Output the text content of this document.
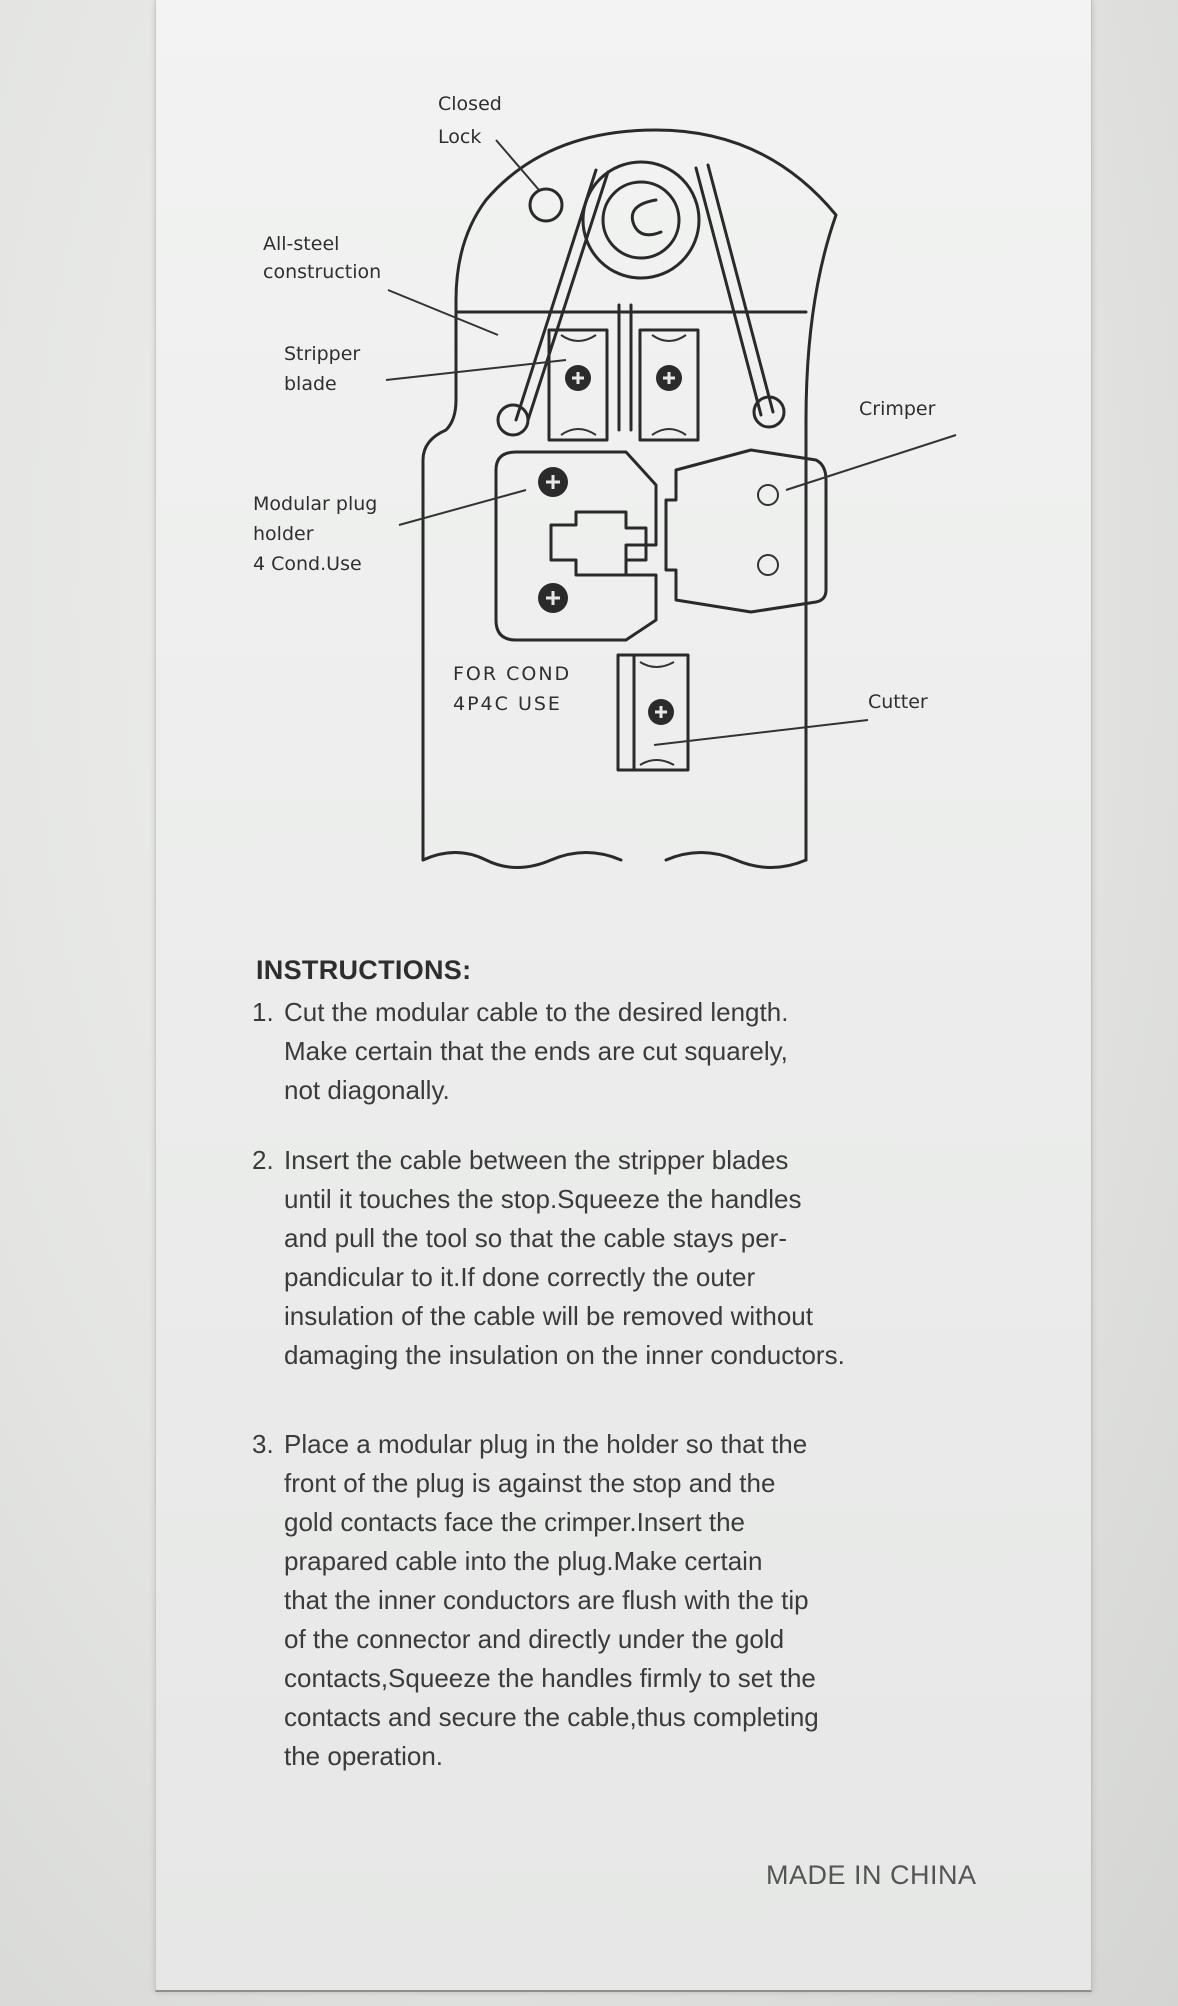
Closed
Lock
All-steel
construction
Stripper
blade
Modular plug
holder
4 Cond.Use
Crimper
FOR COND
4P4C USE	Cutter
INSTRUCTIONS:
1. Cut the modular cable to the desired length.
Make certain that the ends are cut squarely,
not diagonally.
2. Insert the cable between the stripper blades
until it touches the stop.Squeeze the handles
and pull the tool so that the cable stays per-
pandicular to it.If done correctly the outer
insulation of the cable will be removed without
damaging the insulation on the inner conductors.
3. Place a modular plug in the holder so that the
front of the plug is against the stop and the
gold contacts face the crimper.Insert the
prapared cable into the plug.Make certain
that the inner conductors are flush with the tip
of the connector and directly under the gold
contacts,Squeeze the handles firmly to set the
contacts and secure the cable,thus completing
the operation.
MADE IN CHINA
